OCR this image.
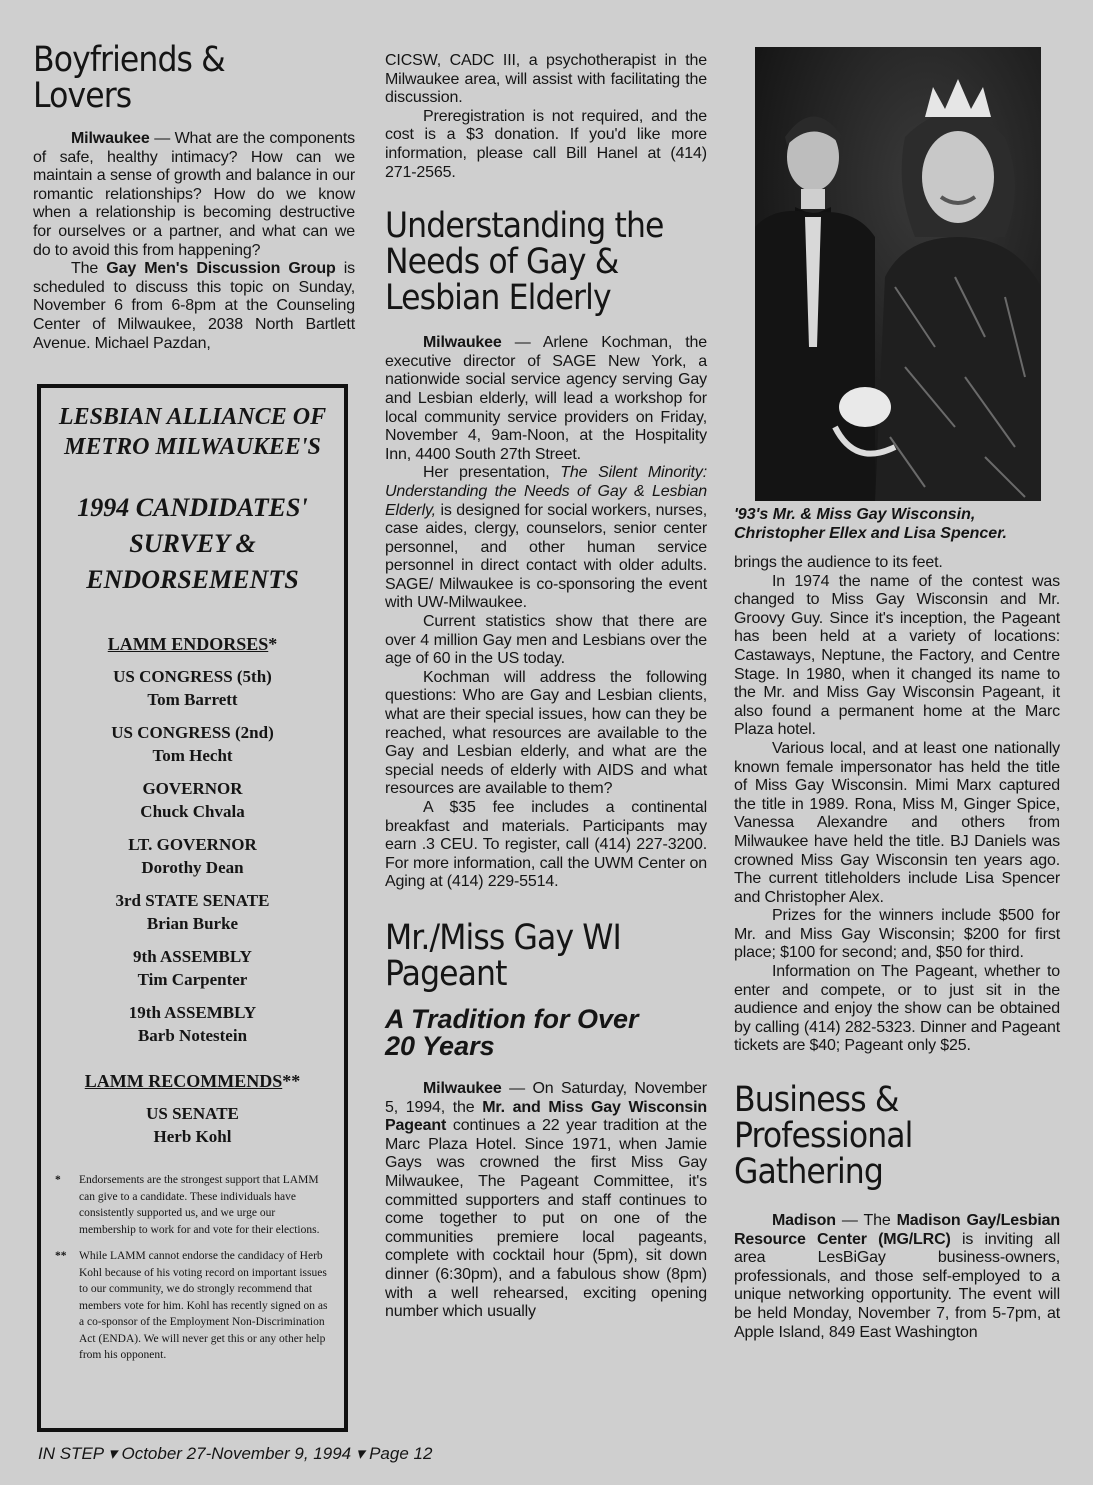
Boyfriends &
Lovers

Milwaukee — What are the components of safe, healthy intimacy? How can we maintain a sense of growth and balance in our romantic relationships? How do we know when a relationship is becoming destructive for ourselves or a partner, and what can we do to avoid this from happening?

The Gay Men's Discussion Group is scheduled to discuss this topic on Sunday, November 6 from 6-8pm at the Counseling Center of Milwaukee, 2038 North Bartlett Avenue. Michael Pazdan,

LESBIAN ALLIANCE OF
METRO MILWAUKEE'S
1994 CANDIDATES'
SURVEY &
ENDORSEMENTS
LAMM ENDORSES*
US CONGRESS (5th)
Tom Barrett
US CONGRESS (2nd)
Tom Hecht
GOVERNOR
Chuck Chvala
LT. GOVERNOR
Dorothy Dean
3rd STATE SENATE
Brian Burke
9th ASSEMBLY
Tim Carpenter
19th ASSEMBLY
Barb Notestein
LAMM RECOMMENDS**
US SENATE
Herb Kohl
*	Endorsements are the strongest support that LAMM can give to a candidate. These individuals have consistently supported us, and we urge our membership to work for and vote for their elections.
** While LAMM cannot endorse the candidacy of Herb Kohl because of his voting record on important issues to our community, we do strongly recommend that members vote for him. Kohl has recently signed on as a co-sponsor of the Employment Non-Discrimination Act (ENDA). We will never get this or any other help from his opponent.

CICSW, CADC III, a psychotherapist in the Milwaukee area, will assist with facilitating the discussion.

Preregistration is not required, and the cost is a $3 donation. If you'd like more information, please call Bill Hanel at (414) 271-2565.

Understanding the
Needs of Gay &
Lesbian Elderly

Milwaukee — Arlene Kochman, the executive director of SAGE New York, a nationwide social service agency serving Gay and Lesbian elderly, will lead a workshop for local community service providers on Friday, November 4, 9am-Noon, at the Hospitality Inn, 4400 South 27th Street.

Her presentation, The Silent Minority: Understanding the Needs of Gay & Lesbian Elderly, is designed for social workers, nurses, case aides, clergy, counselors, senior center personnel, and other human service personnel in direct contact with older adults. SAGE/ Milwaukee is co-sponsoring the event with UW-Milwaukee.

Current statistics show that there are over 4 million Gay men and Lesbians over the age of 60 in the US today.

Kochman will address the following questions: Who are Gay and Lesbian clients, what are their special issues, how can they be reached, what resources are available to the Gay and Lesbian elderly, and what are the special needs of elderly with AIDS and what resources are available to them?

A $35 fee includes a continental breakfast and materials. Participants may earn .3 CEU. To register, call (414) 227-3200. For more information, call the UWM Center on Aging at (414) 229-5514.

Mr./Miss Gay WI
Pageant
A Tradition for Over
20 Years

Milwaukee — On Saturday, November 5, 1994, the Mr. and Miss Gay Wisconsin Pageant continues a 22 year tradition at the Marc Plaza Hotel. Since 1971, when Jamie Gays was crowned the first Miss Gay Milwaukee, The Pageant Committee, it's committed supporters and staff continues to come together to put on one of the communities premiere local pageants, complete with cocktail hour (5pm), sit down dinner (6:30pm), and a fabulous show (8pm) with a well rehearsed, exciting opening number which usually

'93's Mr. & Miss Gay Wisconsin,
Christopher Ellex and Lisa Spencer.

brings the audience to its feet.

In 1974 the name of the contest was changed to Miss Gay Wisconsin and Mr. Groovy Guy. Since it's inception, the Pageant has been held at a variety of locations: Castaways, Neptune, the Factory, and Centre Stage. In 1980, when it changed its name to the Mr. and Miss Gay Wisconsin Pageant, it also found a permanent home at the Marc Plaza hotel.

Various local, and at least one nationally known female impersonator has held the title of Miss Gay Wisconsin. Mimi Marx captured the title in 1989. Rona, Miss M, Ginger Spice, Vanessa Alexandre and others from Milwaukee have held the title. BJ Daniels was crowned Miss Gay Wisconsin ten years ago. The current titleholders include Lisa Spencer and Christopher Alex.

Prizes for the winners include $500 for Mr. and Miss Gay Wisconsin; $200 for first place; $100 for second; and, $50 for third.

Information on The Pageant, whether to enter and compete, or to just sit in the audience and enjoy the show can be obtained by calling (414) 282-5323. Dinner and Pageant tickets are $40; Pageant only $25.

Business &
Professional
Gathering

Madison — The Madison Gay/Lesbian Resource Center (MG/LRC) is inviting all area LesBiGay business-owners, professionals, and those self-employed to a unique networking opportunity. The event will be held Monday, November 7, from 5-7pm, at Apple Island, 849 East Washington

IN STEP ▾ October 27-November 9, 1994 ▾ Page 12
